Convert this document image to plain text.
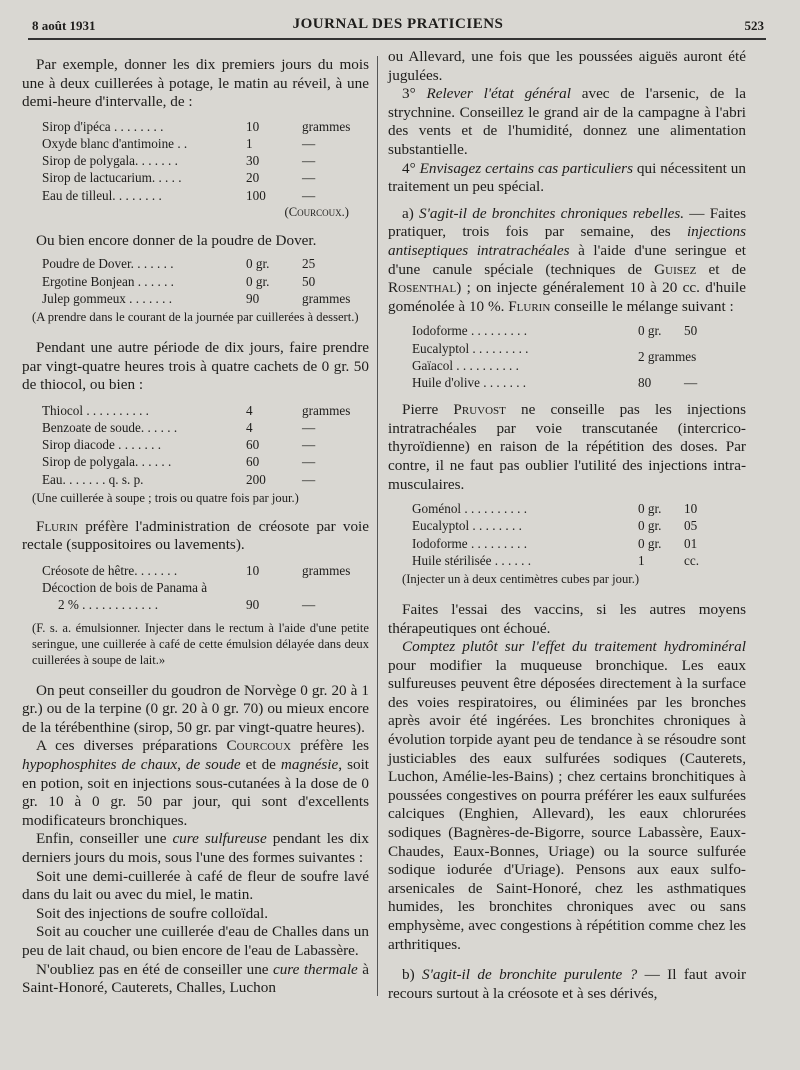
8 août 1931	JOURNAL DES PRATICIENS	523

Par exemple, donner les dix premiers jours du mois une à deux cuillerées à potage, le matin au réveil, à une demi-heure d'intervalle, de :

Sirop d'ipéca . . . . . . . .	10	grammes
Oxyde blanc d'antimoine . .	1	—
Sirop de polygala. . . . . . .	30	—
Sirop de lactucarium. . . . .	20	—
Eau de tilleul. . . . . . . .	100	—
(Courcoux.)

Ou bien encore donner de la poudre de Dover.

Poudre de Dover. . . . . . .	0 gr.	25
Ergotine Bonjean . . . . . .	0 gr.	50
Julep gommeux . . . . . . .	90	grammes

(A prendre dans le courant de la journée par cuillerées à dessert.)

Pendant une autre période de dix jours, faire prendre par vingt-quatre heures trois à quatre cachets de 0 gr. 50 de thiocol, ou bien :

Thiocol . . . . . . . . . .	4	grammes
Benzoate de soude. . . . . .	4	—
Sirop diacode . . . . . . .	60	—
Sirop de polygala. . . . . .	60	—
Eau. . . . . . . q. s. p.	200	—

(Une cuillerée à soupe ; trois ou quatre fois par jour.)

Flurin préfère l'administration de créosote par voie rectale (suppositoires ou lavements).

Créosote de hêtre. . . . . . .	10	grammes
Décoction de bois de Panama à
2 % . . . . . . . . . . . .	90	—

(F. s. a. émulsionner. Injecter dans le rectum à l'aide d'une petite seringue, une cuillerée à café de cette émulsion délayée dans deux cuillerées à soupe de lait.»

On peut conseiller du goudron de Norvège 0 gr. 20 à 1 gr.) ou de la terpine (0 gr. 20 à 0 gr. 70) ou mieux encore de la térébenthine (sirop, 50 gr. par vingt-quatre heures).

A ces diverses préparations Courcoux préfère les hypophosphites de chaux, de soude et de magnésie, soit en potion, soit en injections sous-cutanées à la dose de 0 gr. 10 à 0 gr. 50 par jour, qui sont d'excellents modificateurs bronchiques.

Enfin, conseiller une cure sulfureuse pendant les dix derniers jours du mois, sous l'une des formes suivantes :

Soit une demi-cuillerée à café de fleur de soufre lavé dans du lait ou avec du miel, le matin.

Soit des injections de soufre colloïdal.

Soit au coucher une cuillerée d'eau de Challes dans un peu de lait chaud, ou bien encore de l'eau de Labassère.

N'oubliez pas en été de conseiller une cure thermale à Saint-Honoré, Cauterets, Challes, Luchon

ou Allevard, une fois que les poussées aiguës auront été jugulées.

3° Relever l'état général avec de l'arsenic, de la strychnine. Conseillez le grand air de la campagne à l'abri des vents et de l'humidité, donnez une alimentation substantielle.

4° Envisagez certains cas particuliers qui nécessitent un traitement un peu spécial.

a) S'agit-il de bronchites chroniques rebelles. — Faites pratiquer, trois fois par semaine, des injections antiseptiques intratrachéales à l'aide d'une seringue et d'une canule spéciale (techniques de Guisez et de Rosenthal) ; on injecte généralement 10 à 20 cc. d'huile goménolée à 10 %. Flurin conseille le mélange suivant :

Iodoforme . . . . . . . . .	0 gr.	50
Eucalyptol . . . . . . . . .
Gaïacol . . . . . . . . . .
2 grammes
Huile d'olive . . . . . . .	80	—

Pierre Pruvost ne conseille pas les injections intratrachéales par voie transcutanée (intercrico-thyroïdienne) en raison de la répétition des doses. Par contre, il ne faut pas oublier l'utilité des injections intra-musculaires.

Goménol . . . . . . . . . .	0 gr.	10
Eucalyptol . . . . . . . .	0 gr.	05
Iodoforme . . . . . . . . .	0 gr.	01
Huile stérilisée . . . . . .	1	cc.

(Injecter un à deux centimètres cubes par jour.)

Faites l'essai des vaccins, si les autres moyens thérapeutiques ont échoué.

Comptez plutôt sur l'effet du traitement hydrominéral pour modifier la muqueuse bronchique. Les eaux sulfureuses peuvent être déposées directement à la surface des voies respiratoires, ou éliminées par les bronches après avoir été ingérées. Les bronchites chroniques à évolution torpide ayant peu de tendance à se résoudre sont justiciables des eaux sulfurées sodiques (Cauterets, Luchon, Amélie-les-Bains) ; chez certains bronchitiques à poussées congestives on pourra préférer les eaux sulfurées calciques (Enghien, Allevard), les eaux chlorurées sodiques (Bagnères-de-Bigorre, source Labassère, Eaux-Chaudes, Eaux-Bonnes, Uriage) ou la source sulfurée sodique iodurée d'Uriage). Pensons aux eaux sulfo-arsenicales de Saint-Honoré, chez les asthmatiques humides, les bronchites chroniques avec ou sans emphysème, avec congestions à répétition comme chez les arthritiques.

b) S'agit-il de bronchite purulente ? — Il faut avoir recours surtout à la créosote et à ses dérivés,
